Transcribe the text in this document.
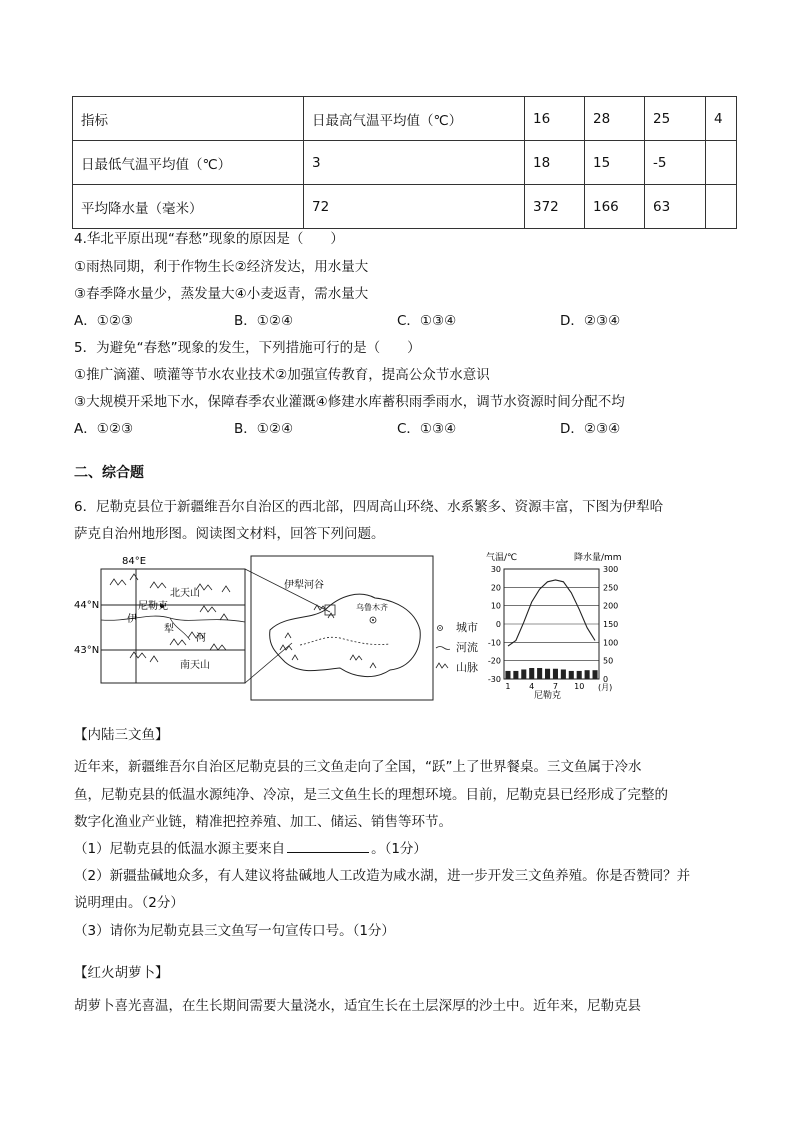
指标	日最高气温平均值（℃）	16	28	25	4
日最低气温平均值（℃）	3	18	15	-5	
平均降水量（毫米）	72	372	166	63	
4.华北平原出现“春愁”现象的原因是（　　）
①雨热同期，利于作物生长②经济发达，用水量大
③春季降水量少，蒸发量大④小麦返青，需水量大
A．①②③	B．①②④	C．①③④	D．②③④
5．为避免“春愁”现象的发生，下列措施可行的是（　　）
①推广滴灌、喷灌等节水农业技术②加强宣传教育，提高公众节水意识
③大规模开采地下水，保障春季农业灌溉④修建水库蓄积雨季雨水，调节水资源时间分配不均
A．①②③	B．①②④	C．①③④	D．②③④
二、综合题
6．尼勒克县位于新疆维吾尔自治区的西北部，四周高山环绕、水系繁多、资源丰富，下图为伊犁哈
萨克自治州地形图。阅读图文材料，回答下列问题。
84°E
44°N
43°N
北天山
尼勒克
伊
犁
河
南天山
伊犁河谷
乌鲁木齐
城市
河流
山脉
气温/℃	降水量/mm
30
20
10
0
-10
-20
-30
300
250
200
150
100
50
0
1 4 7 10 (月)
尼勒克
【内陆三文鱼】
近年来，新疆维吾尔自治区尼勒克县的三文鱼走向了全国，“跃”上了世界餐桌。三文鱼属于冷水
鱼，尼勒克县的低温水源纯净、冷凉，是三文鱼生长的理想环境。目前，尼勒克县已经形成了完整的
数字化渔业产业链，精准把控养殖、加工、储运、销售等环节。
（1）尼勒克县的低温水源主要来自	。（1分）
（2）新疆盐碱地众多，有人建议将盐碱地人工改造为咸水湖，进一步开发三文鱼养殖。你是否赞同？并
说明理由。（2分）
（3）请你为尼勒克县三文鱼写一句宣传口号。（1分）
【红火胡萝卜】
胡萝卜喜光喜温，在生长期间需要大量浇水，适宜生长在土层深厚的沙土中。近年来，尼勒克县
